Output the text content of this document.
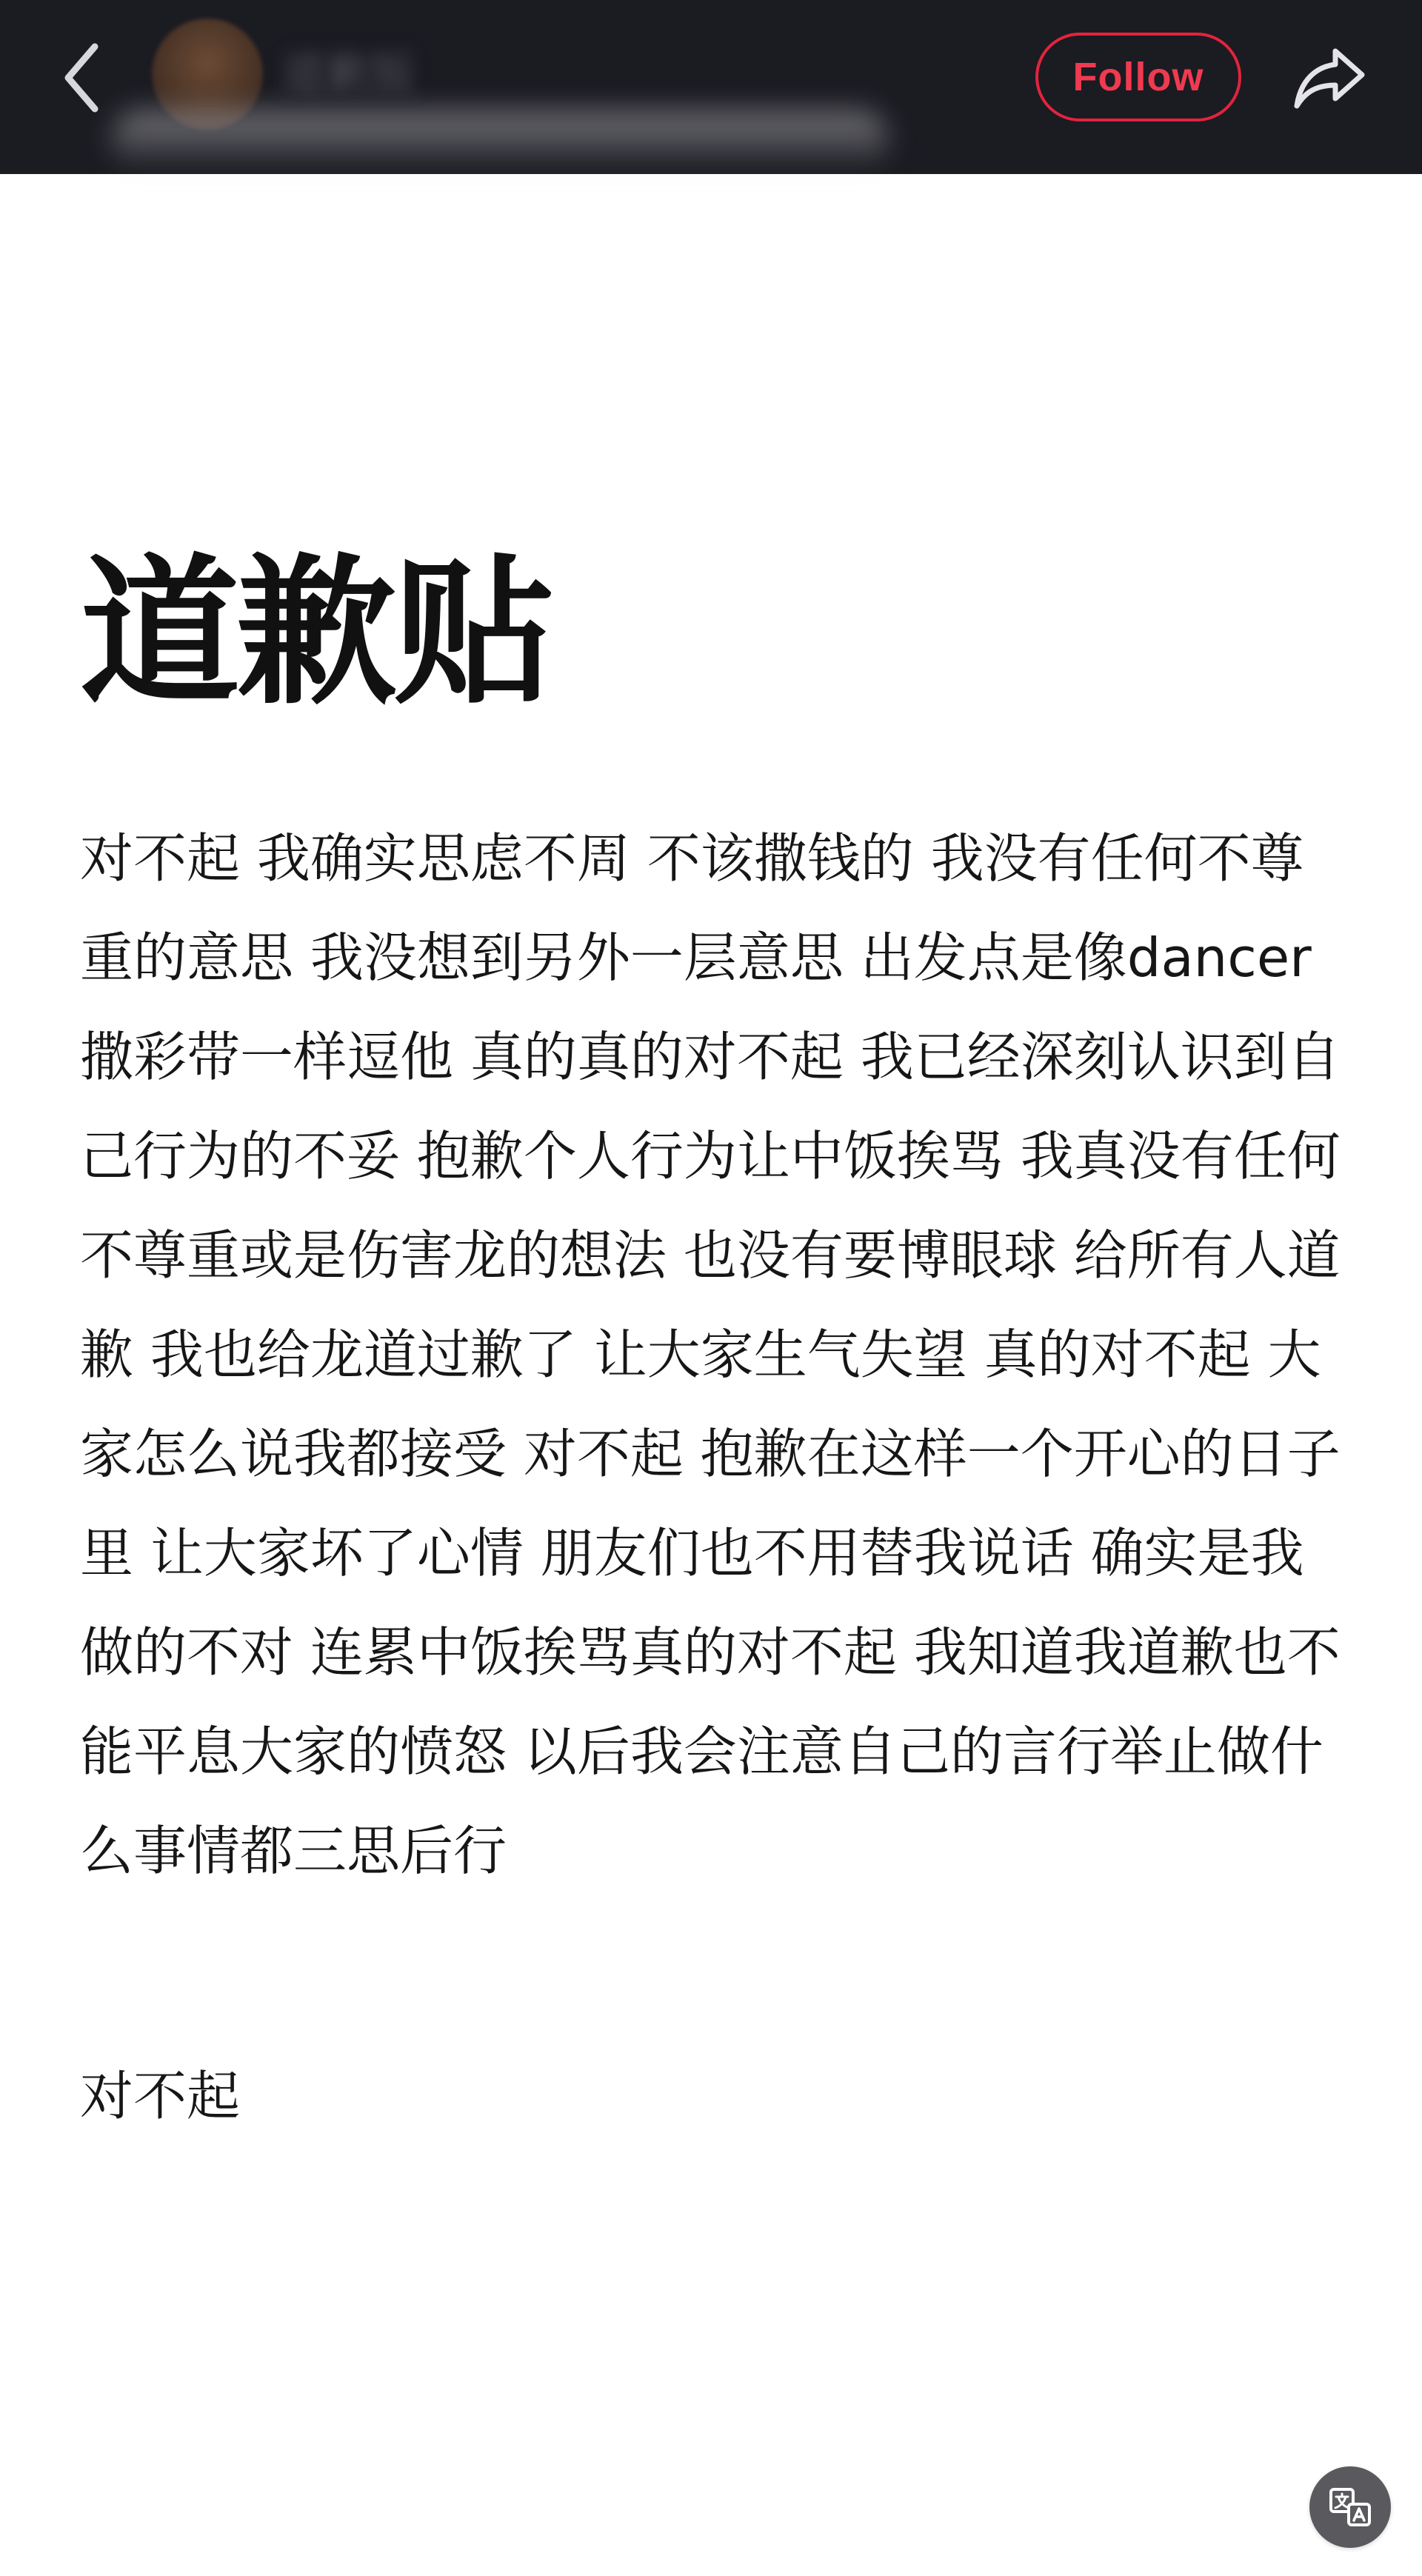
道歉版	Follow
道歉贴

对不起 我确实思虑不周 不该撒钱的 我没有任何不尊重的意思 我没想到另外一层意思 出发点是像dancer撒彩带一样逗他 真的真的对不起 我已经深刻认识到自己行为的不妥 抱歉个人行为让中饭挨骂 我真没有任何不尊重或是伤害龙的想法 也没有要博眼球 给所有人道歉 我也给龙道过歉了 让大家生气失望 真的对不起 大家怎么说我都接受 对不起 抱歉在这样一个开心的日子里 让大家坏了心情 朋友们也不用替我说话 确实是我做的不对 连累中饭挨骂真的对不起 我知道我道歉也不能平息大家的愤怒 以后我会注意自己的言行举止做什么事情都三思后行

对不起
